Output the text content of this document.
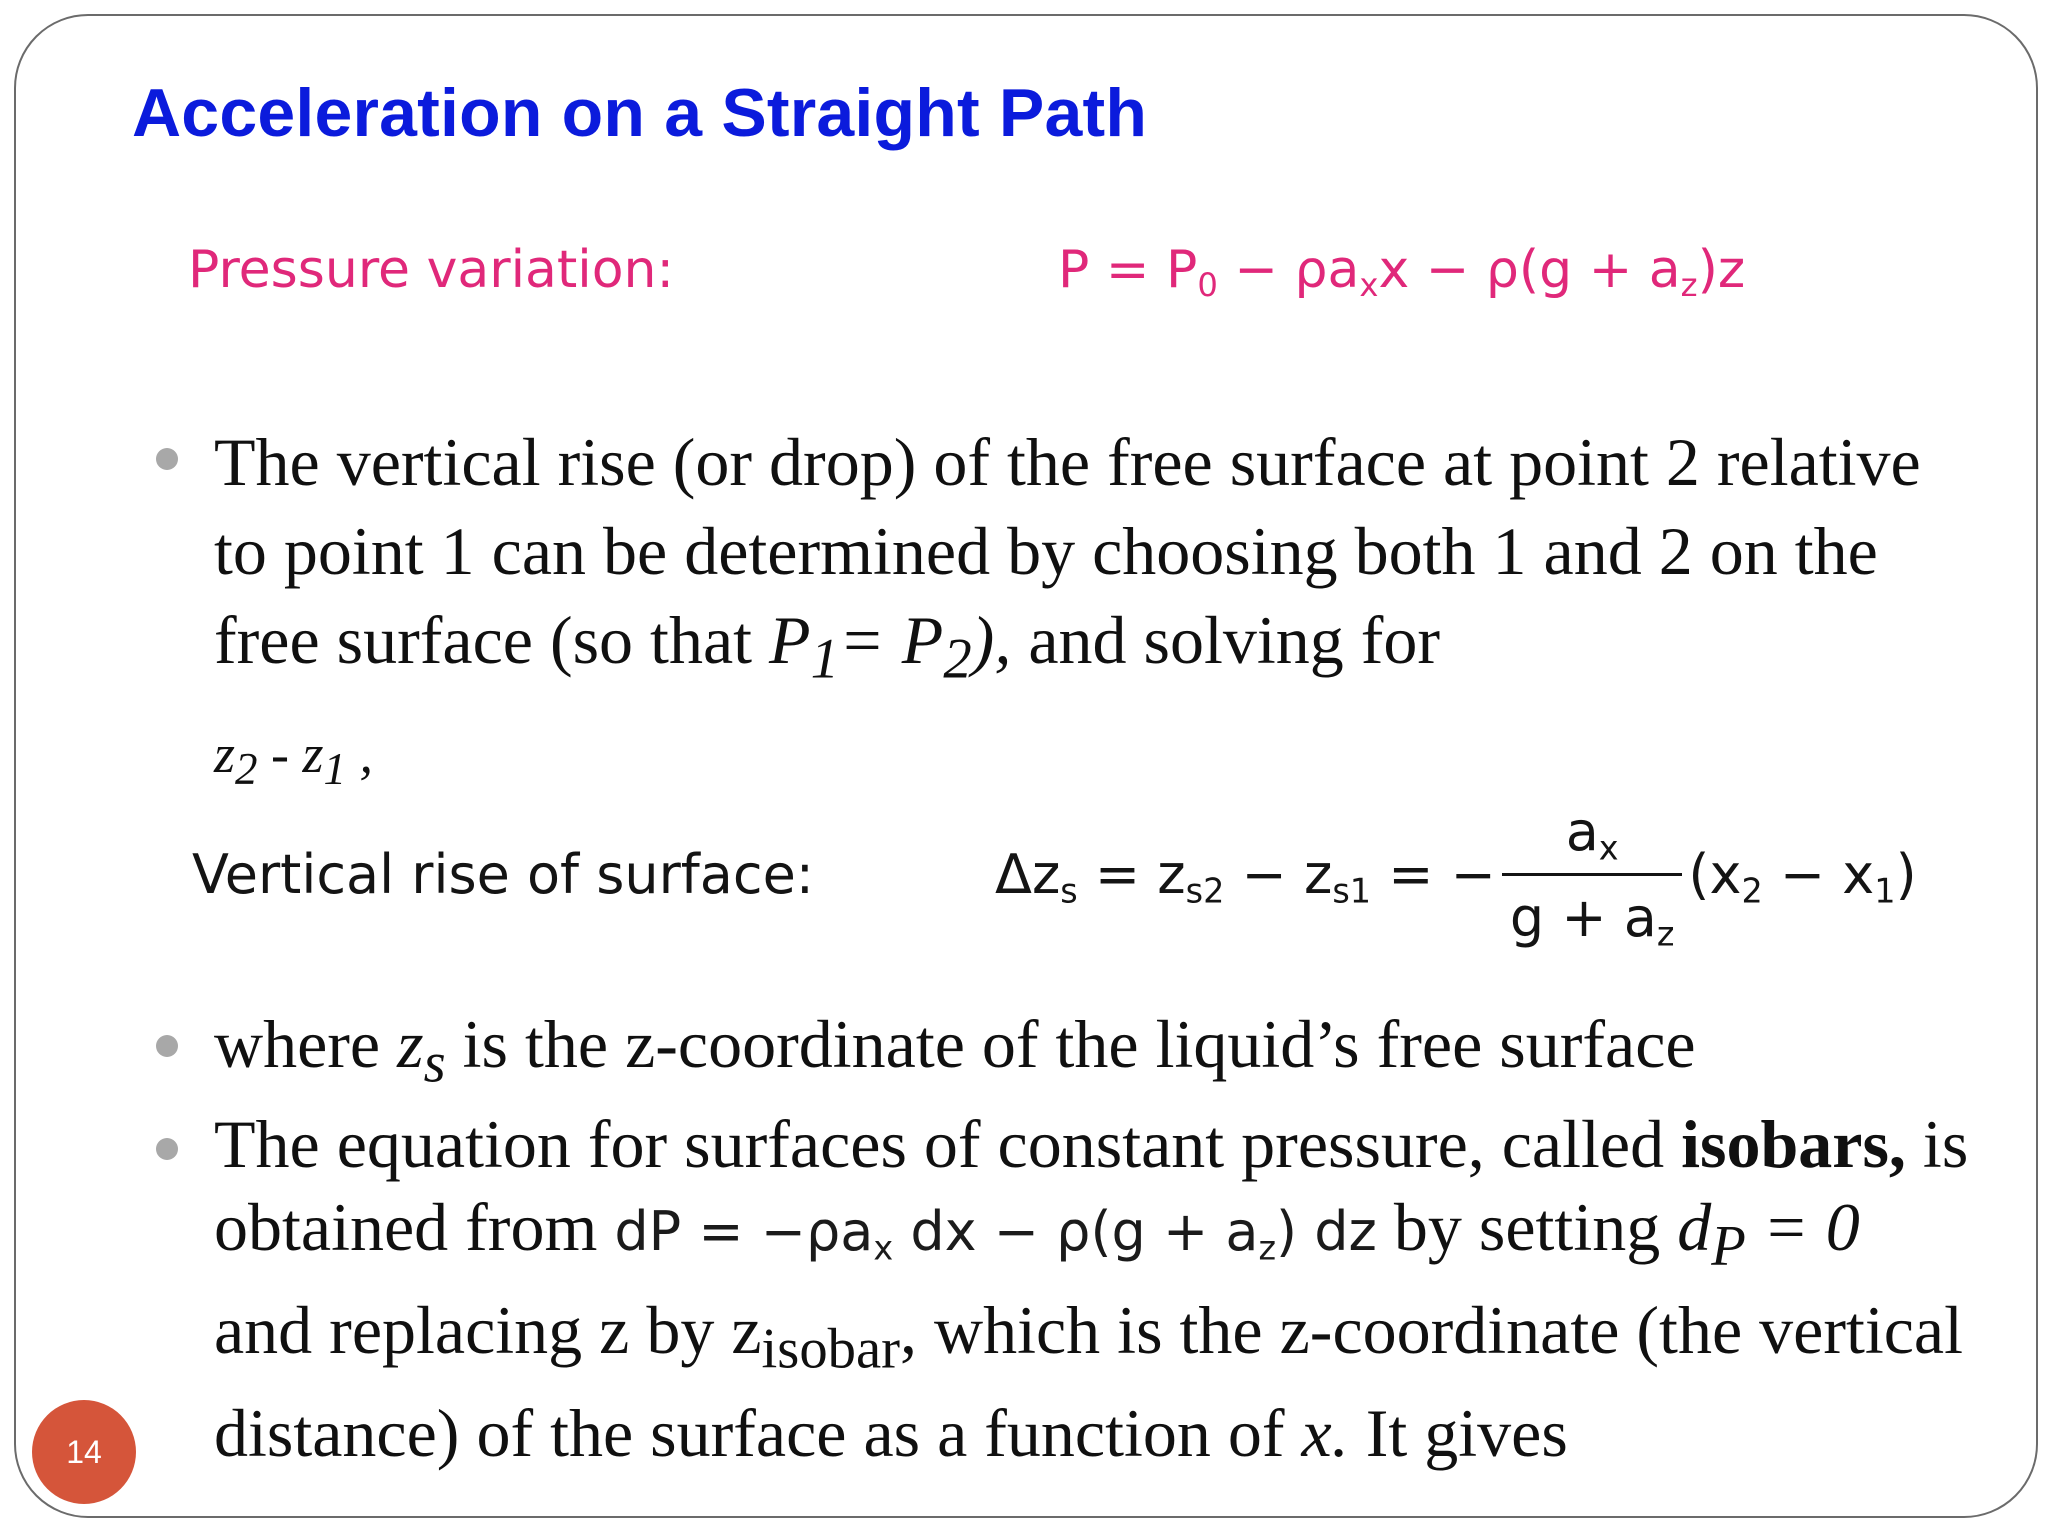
Acceleration on a Straight Path
Pressure variation:	$P = P_0 - \rho a_xx - \rho(g + a_z)z$
The vertical rise (or drop) of the free surface at point 2 relative to point 1 can be determined by choosing both 1 and 2 on the free surface (so that $P_1= P_2$), and solving for
$z_2 - z_1$ ,
Vertical rise of surface:	$\Delta z_s = z_{s2} - z_{s1}$ = − $\frac{a_x}{g + a_z} (x_2 - x_1)$
where $z_s$ is the z-coordinate of the liquid’s free surface
The equation for surfaces of constant pressure, called isobars, is obtained from dP = $-\rho a_x$ dx − $\rho(g + a_z)$ dz by setting $d_P = 0$ and replacing z by $z_{isobar}$, which is the z-coordinate (the vertical distance) of the surface as a function of x. It gives
14
